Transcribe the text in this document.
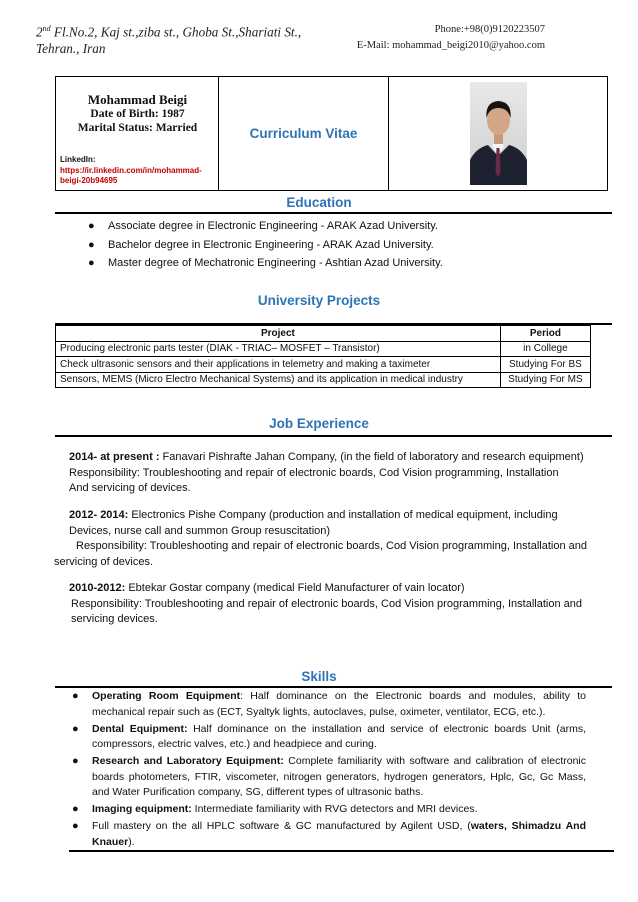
2nd Fl.No.2, Kaj st.,ziba st., Ghoba St.,Shariati St.,
Tehran., Iran
Phone:+98(0)9120223507
E-Mail: mohammad_beigi2010@yahoo.com
Mohammad Beigi
Date of Birth: 1987
Marital Status: Married
LinkedIn:
https://ir.linkedin.com/in/mohammad-beigi-20b94695
Curriculum Vitae
Education
● Associate degree in Electronic Engineering - ARAK Azad University.
● Bachelor degree in Electronic Engineering - ARAK Azad University.
● Master degree of Mechatronic Engineering - Ashtian Azad University.
University Projects
Project	Period
Producing electronic parts tester (DIAK - TRIAC– MOSFET – Transistor)	in College
Check ultrasonic sensors and their applications in telemetry and making a taximeter	Studying For BS
Sensors, MEMS (Micro Electro Mechanical Systems) and its application in medical industry	Studying For MS
Job Experience
2014- at present : Fanavari Pishrafte Jahan Company, (in the field of laboratory and research equipment)
Responsibility: Troubleshooting and repair of electronic boards, Cod Vision programming, Installation
And servicing of devices.
2012- 2014: Electronics Pishe Company (production and installation of medical equipment, including
Devices, nurse call and summon Group resuscitation)
Responsibility: Troubleshooting and repair of electronic boards, Cod Vision programming, Installation and
servicing of devices.
2010-2012: Ebtekar Gostar company (medical Field Manufacturer of vain locator)
Responsibility: Troubleshooting and repair of electronic boards, Cod Vision programming, Installation and
servicing devices.
Skills
● Operating Room Equipment: Half dominance on the Electronic boards and modules, ability to mechanical repair such as (ECT, Syaltyk lights, autoclaves, pulse, oximeter, ventilator, ECG, etc.).
● Dental Equipment: Half dominance on the installation and service of electronic boards Unit (arms, compressors, electric valves, etc.) and headpiece and curing.
● Research and Laboratory Equipment: Complete familiarity with software and calibration of electronic boards photometers, FTIR, viscometer, nitrogen generators, hydrogen generators, Hplc, Gc, Gc Mass, and Water Purification company, SG, different types of ultrasonic baths.
● Imaging equipment: Intermediate familiarity with RVG detectors and MRI devices.
● Full mastery on the all HPLC software & GC manufactured by Agilent USD, (waters, Shimadzu And Knauer).
